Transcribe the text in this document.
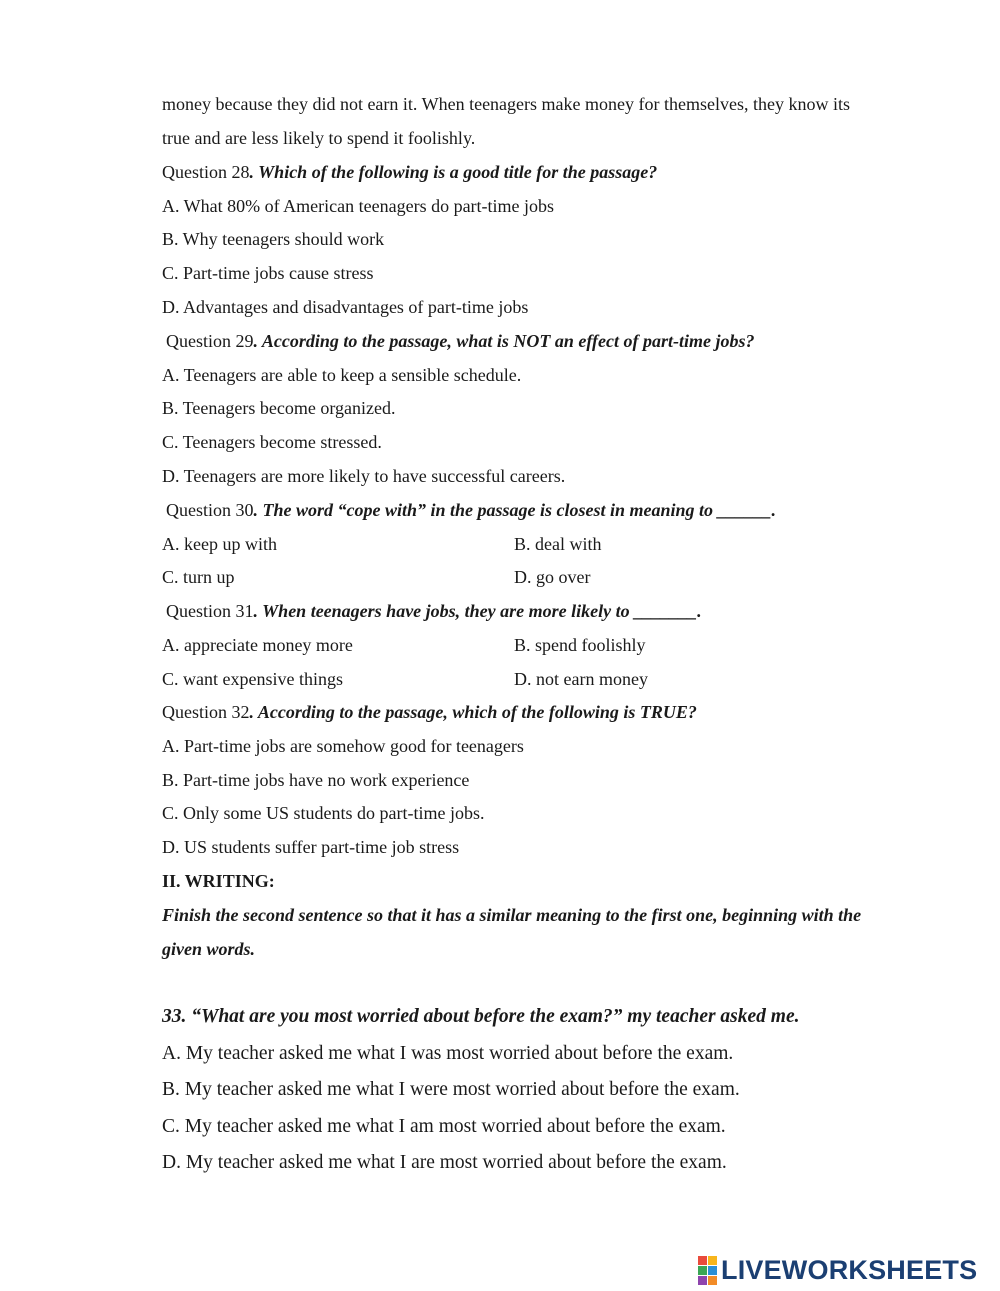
money because they did not earn it. When teenagers make money for themselves, they know its
true and are less likely to spend it foolishly.
Question 28. Which of the following is a good title for the passage?
A. What 80% of American teenagers do part-time jobs
B. Why teenagers should work
C. Part-time jobs cause stress
D. Advantages and disadvantages of part-time jobs
Question 29. According to the passage, what is NOT an effect of part-time jobs?
A. Teenagers are able to keep a sensible schedule.
B. Teenagers become organized.
C. Teenagers become stressed.
D. Teenagers are more likely to have successful careers.
Question 30. The word “cope with” in the passage is closest in meaning to ______.
A. keep up with	B. deal with
C. turn up	D. go over
Question 31. When teenagers have jobs, they are more likely to _______.
A. appreciate money more	B. spend foolishly
C. want expensive things	D. not earn money
Question 32. According to the passage, which of the following is TRUE?
A. Part-time jobs are somehow good for teenagers
B. Part-time jobs have no work experience
C. Only some US students do part-time jobs.
D. US students suffer part-time job stress
II. WRITING:
Finish the second sentence so that it has a similar meaning to the first one, beginning with the
given words.
33. “What are you most worried about before the exam?” my teacher asked me.
A. My teacher asked me what I was most worried about before the exam.
B. My teacher asked me what I were most worried about before the exam.
C. My teacher asked me what I am most worried about before the exam.
D. My teacher asked me what I are most worried about before the exam.
LIVEWORKSHEETS
